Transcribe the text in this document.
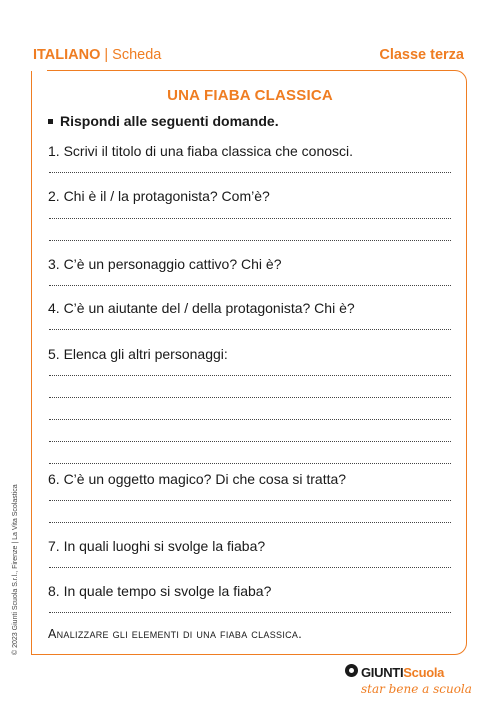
ITALIANO | Scheda	Classe terza
UNA FIABA CLASSICA
Rispondi alle seguenti domande.
1. Scrivi il titolo di una fiaba classica che conosci.
2. Chi è il / la protagonista? Com’è?
3. C’è un personaggio cattivo? Chi è?
4. C’è un aiutante del / della protagonista? Chi è?
5. Elenca gli altri personaggi:
6. C’è un oggetto magico? Di che cosa si tratta?
7. In quali luoghi si svolge la fiaba?
8. In quale tempo si svolge la fiaba?
Analizzare gli elementi di una fiaba classica.
© 2023 Giunti Scuola S.r.l., Firenze | La Vita Scolastica
GIUNTIScuola
star bene a scuola
